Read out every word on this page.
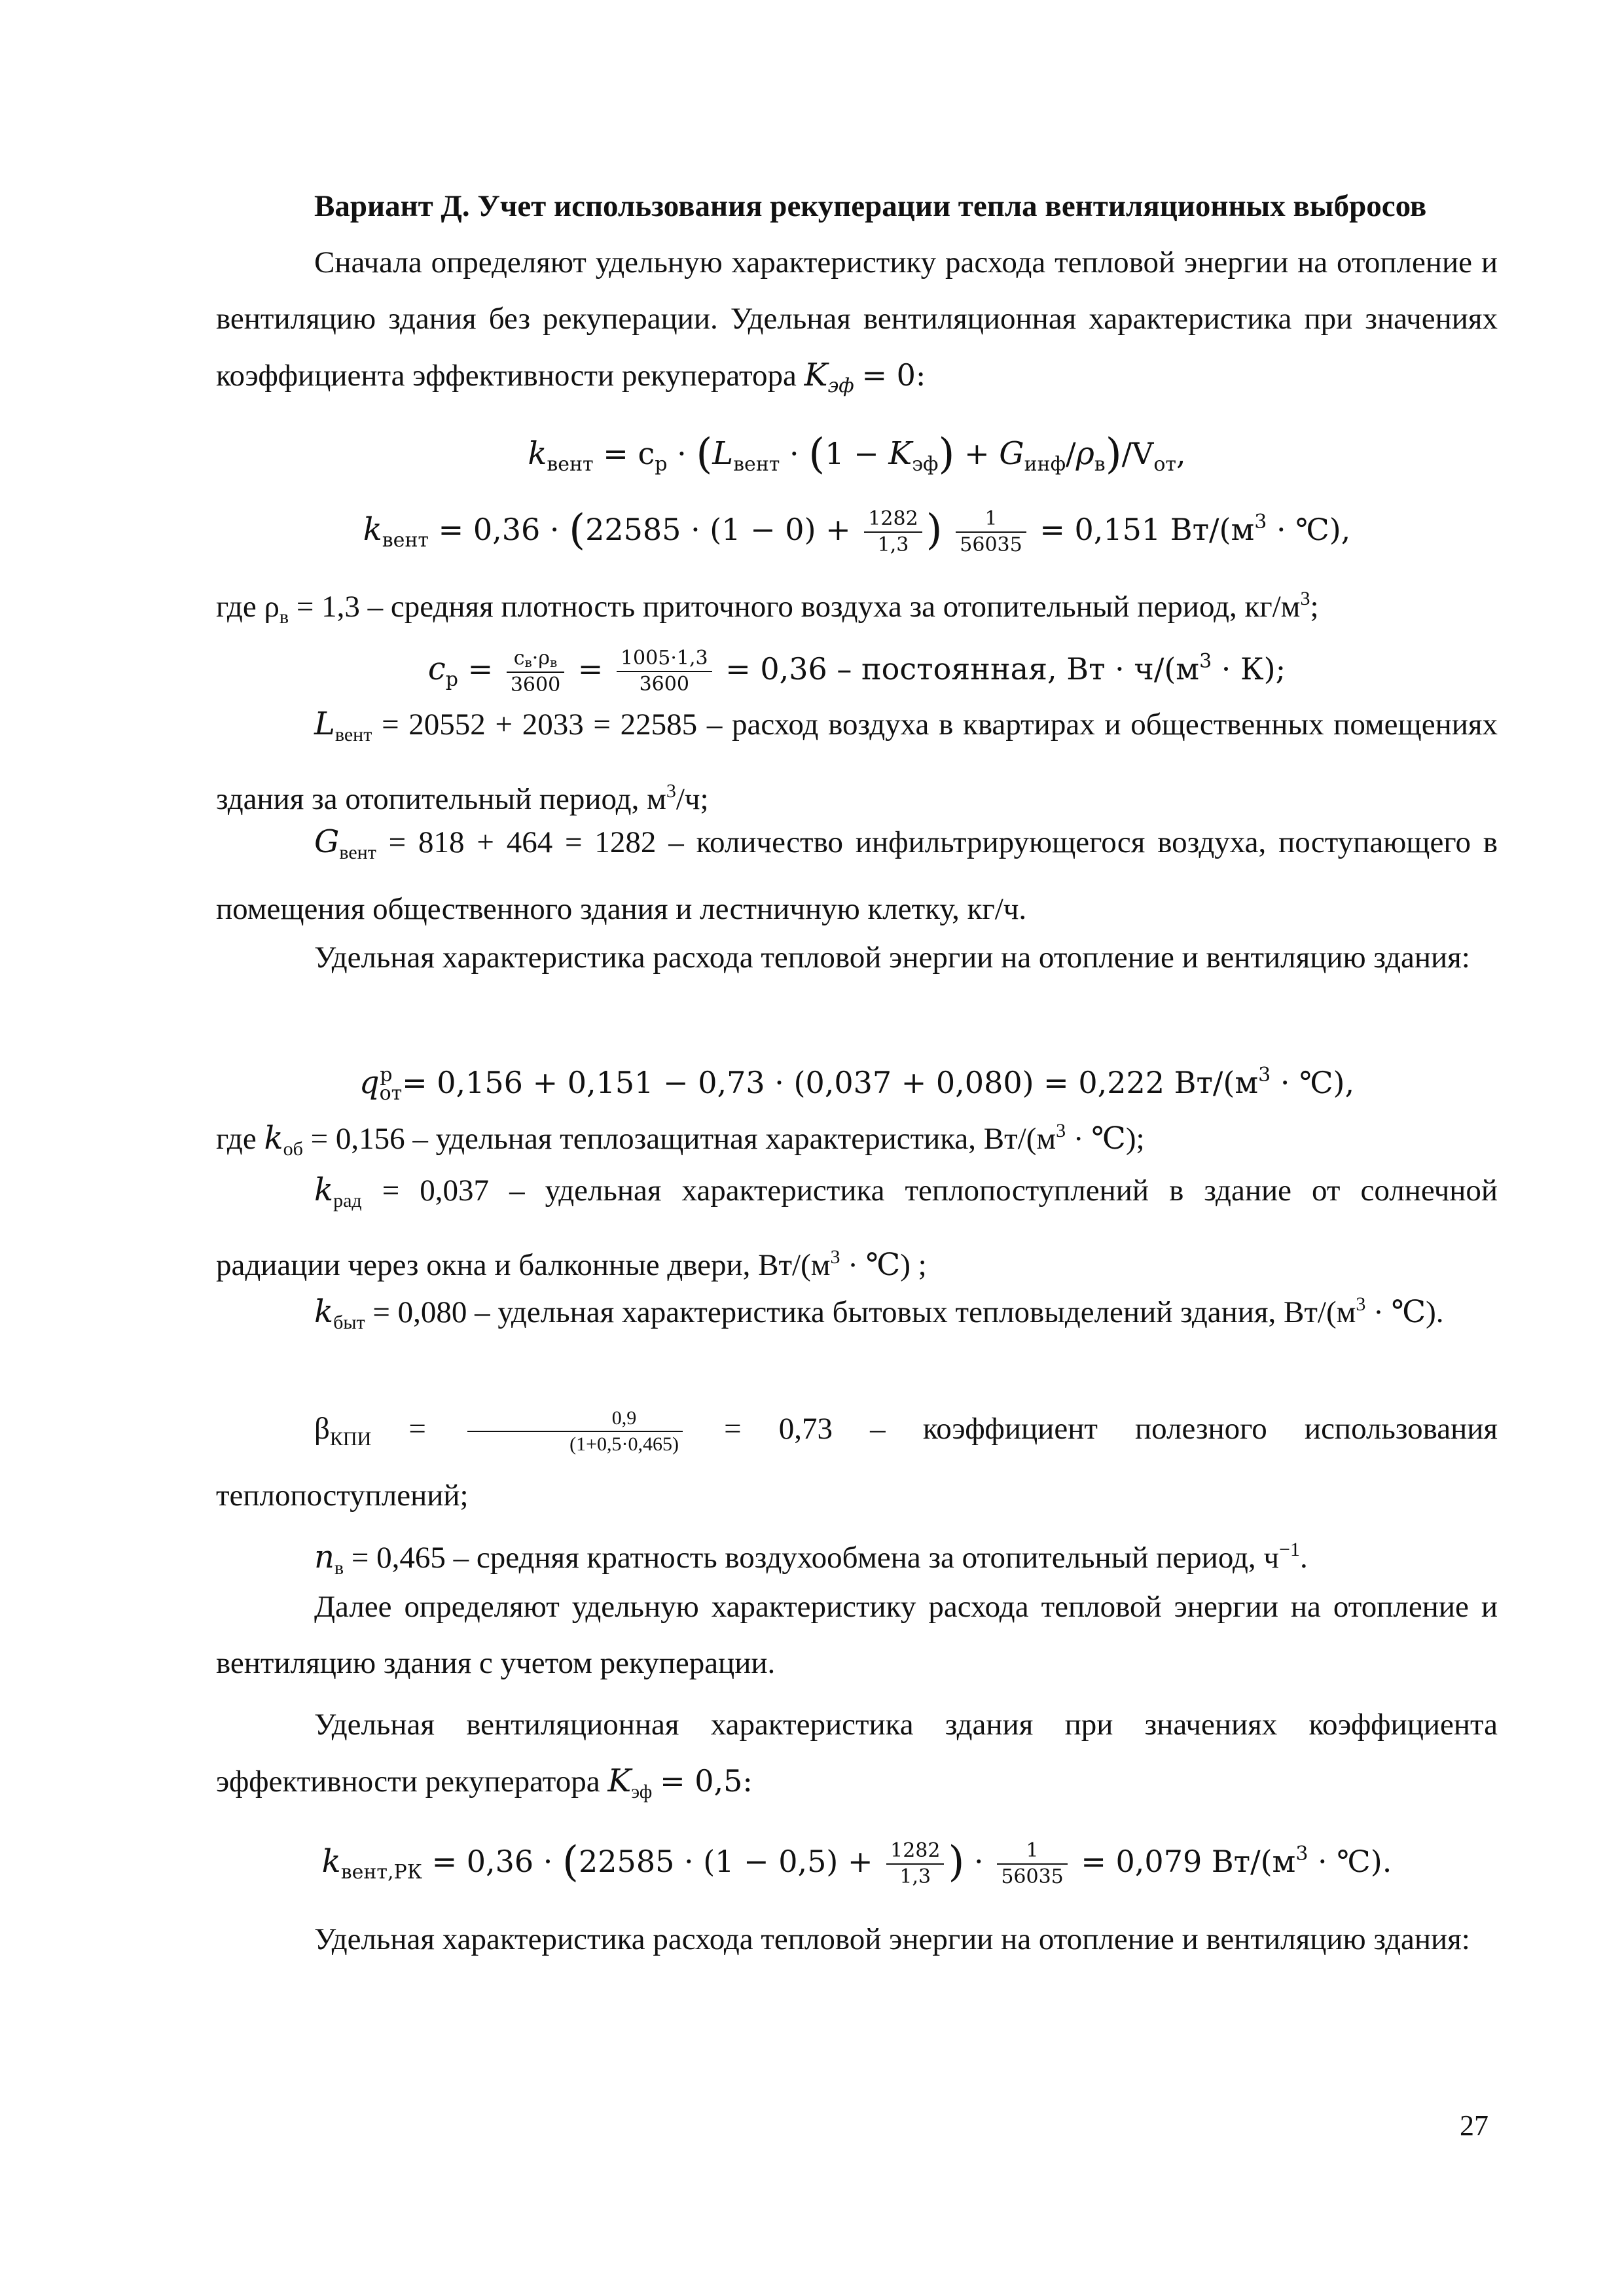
Вариант Д. Учет использования рекуперации тепла вентиляционных выбросов

Сначала определяют удельную характеристику расхода тепловой энергии на отопление и вентиляцию здания без рекуперации. Удельная вентиляционная характеристика при значениях коэффициента эффективности рекуператора $K_{эф} = 0$:

$k_{вент} = c_p \cdot (L_{вент} \cdot (1 - K_{эф}) + G_{инф}/\rho_в)/V_{от}$,

$k_{вент} = 0,36 \cdot (22585 \cdot (1 - 0) + \frac{1282}{1,3}$ ) $\frac{1}{56035} = 0,151$ $Вт/(м^3$ · ℃),

где $\rho_в = 1,3$ – средняя плотность приточного воздуха за отопительный период, $кг/м^3$;

$c_p = \frac{с_в\cdot\rho_в}{3600} = \frac{1005\cdot 1,3}{3600} = 0,36$ – постоянная, Вт · $ч/(м^3 \cdot К)$;

$L_{вент} = 20552 + 2033 = 22585$ – расход воздуха в квартирах и общественных помещениях здания за отопительный период, $м^3/ч$;

$G_{вент} = 818 + 464 = 1282$ – количество инфильтрирующегося воздуха, поступающего в помещения общественного здания и лестничную клетку, кг/ч.

Удельная характеристика расхода тепловой энергии на отопление и вентиляцию здания:

$q_{от}^р = 0,156 + 0,151 - 0,73 \cdot (0,037 + 0,080) = 0,222$ $Вт/(м^3$ · ℃),

где $k_{об} = 0,156$ – удельная теплозащитная характеристика, $Вт/(м^3$ · ℃);

$k_{рад} = 0,037$ – удельная характеристика теплопоступлений в здание от солнечной радиации через окна и балконные двери, $Вт/(м^3$ · ℃) ;

$k_{быт} = 0,080$ – удельная характеристика бытовых тепловыделений здания, $Вт/(м^3$ · ℃).

$\beta_{КПИ} = \frac{0,9}{(1+0,5\cdot 0,465)} = 0,73$ – коэффициент полезного использования теплопоступлений;

$n_в = 0,465$ – средняя кратность воздухообмена за отопительный период, $ч^{-1}$.

Далее определяют удельную характеристику расхода тепловой энергии на отопление и вентиляцию здания с учетом рекуперации.

Удельная вентиляционная характеристика здания при значениях коэффициента эффективности рекуператора $K_{эф} = 0,5$:

$k_{вент,РК} = 0,36 \cdot (22585 \cdot (1 - 0,5) + \frac{1282}{1,3}$ ) · $\frac{1}{56035} = 0,079$ $Вт/(м^3$ · ℃).

Удельная характеристика расхода тепловой энергии на отопление и вентиляцию здания:

27
